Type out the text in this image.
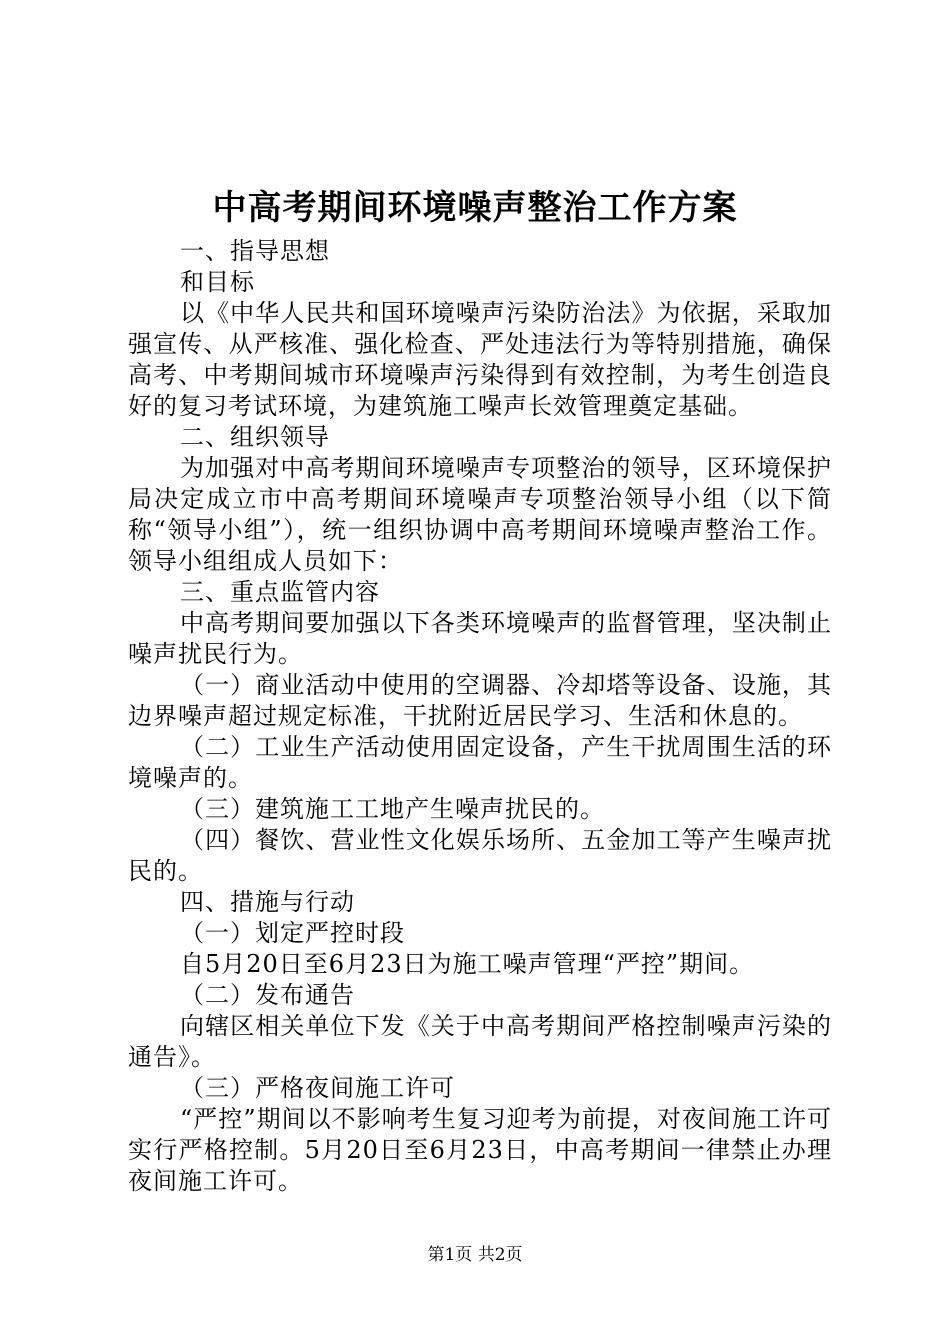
中高考期间环境噪声整治工作方案

一、指导思想

和目标

以《中华人民共和国环境噪声污染防治法》为依据，采取加强宣传、从严核准、强化检查、严处违法行为等特别措施，确保高考、中考期间城市环境噪声污染得到有效控制，为考生创造良好的复习考试环境，为建筑施工噪声长效管理奠定基础。

二、组织领导

为加强对中高考期间环境噪声专项整治的领导，区环境保护局决定成立市中高考期间环境噪声专项整治领导小组（以下简称“领导小组”），统一组织协调中高考期间环境噪声整治工作。领导小组组成人员如下：

三、重点监管内容

中高考期间要加强以下各类环境噪声的监督管理，坚决制止噪声扰民行为。

（一）商业活动中使用的空调器、冷却塔等设备、设施，其边界噪声超过规定标准，干扰附近居民学习、生活和休息的。

（二）工业生产活动使用固定设备，产生干扰周围生活的环境噪声的。

（三）建筑施工工地产生噪声扰民的。

（四）餐饮、营业性文化娱乐场所、五金加工等产生噪声扰民的。

四、措施与行动

（一）划定严控时段

自5月20日至6月23日为施工噪声管理“严控”期间。

（二）发布通告

向辖区相关单位下发《关于中高考期间严格控制噪声污染的通告》。

（三）严格夜间施工许可

“严控”期间以不影响考生复习迎考为前提，对夜间施工许可实行严格控制。5月20日至6月23日，中高考期间一律禁止办理夜间施工许可。

第1页 共2页
